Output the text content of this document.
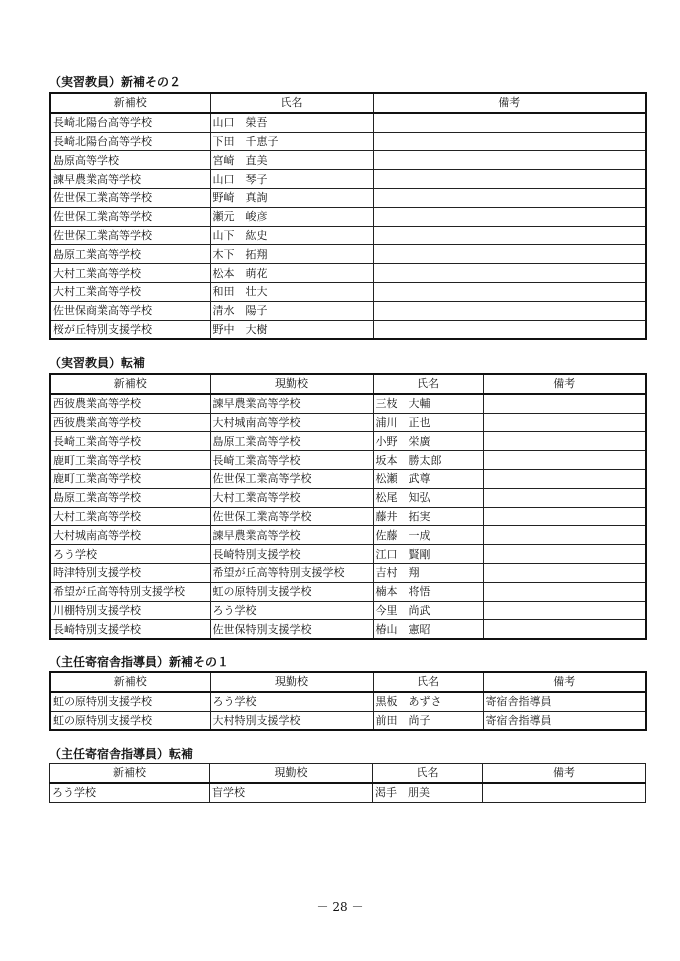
（実習教員）新補その２
新補校	氏名	備考
長崎北陽台高等学校	山口　榮吾	
長崎北陽台高等学校	下田　千恵子	
島原高等学校	宮崎　直美	
諫早農業高等学校	山口　琴子	
佐世保工業高等学校	野崎　真詢	
佐世保工業高等学校	瀬元　峻彦	
佐世保工業高等学校	山下　紘史	
島原工業高等学校	木下　拓翔	
大村工業高等学校	松本　萌花	
大村工業高等学校	和田　壮大	
佐世保商業高等学校	清水　陽子	
桜が丘特別支援学校	野中　大樹	
（実習教員）転補
新補校	現勤校	氏名	備考
西彼農業高等学校	諫早農業高等学校	三枝　大輔	
西彼農業高等学校	大村城南高等学校	浦川　正也	
長崎工業高等学校	島原工業高等学校	小野　栄廣	
鹿町工業高等学校	長崎工業高等学校	坂本　勝太郎	
鹿町工業高等学校	佐世保工業高等学校	松瀬　武尊	
島原工業高等学校	大村工業高等学校	松尾　知弘	
大村工業高等学校	佐世保工業高等学校	藤井　拓実	
大村城南高等学校	諫早農業高等学校	佐藤　一成	
ろう学校	長崎特別支援学校	江口　賢剛	
時津特別支援学校	希望が丘高等特別支援学校	吉村　翔	
希望が丘高等特別支援学校	虹の原特別支援学校	楠本　将悟	
川棚特別支援学校	ろう学校	今里　尚武	
長崎特別支援学校	佐世保特別支援学校	椿山　憲昭	
（主任寄宿舎指導員）新補その１
新補校	現勤校	氏名	備考
虹の原特別支援学校	ろう学校	黒板　あずさ	寄宿舎指導員
虹の原特別支援学校	大村特別支援学校	前田　尚子	寄宿舎指導員
（主任寄宿舎指導員）転補
新補校	現勤校	氏名	備考
ろう学校	盲学校	渇手　朋美	
－ 28 －
